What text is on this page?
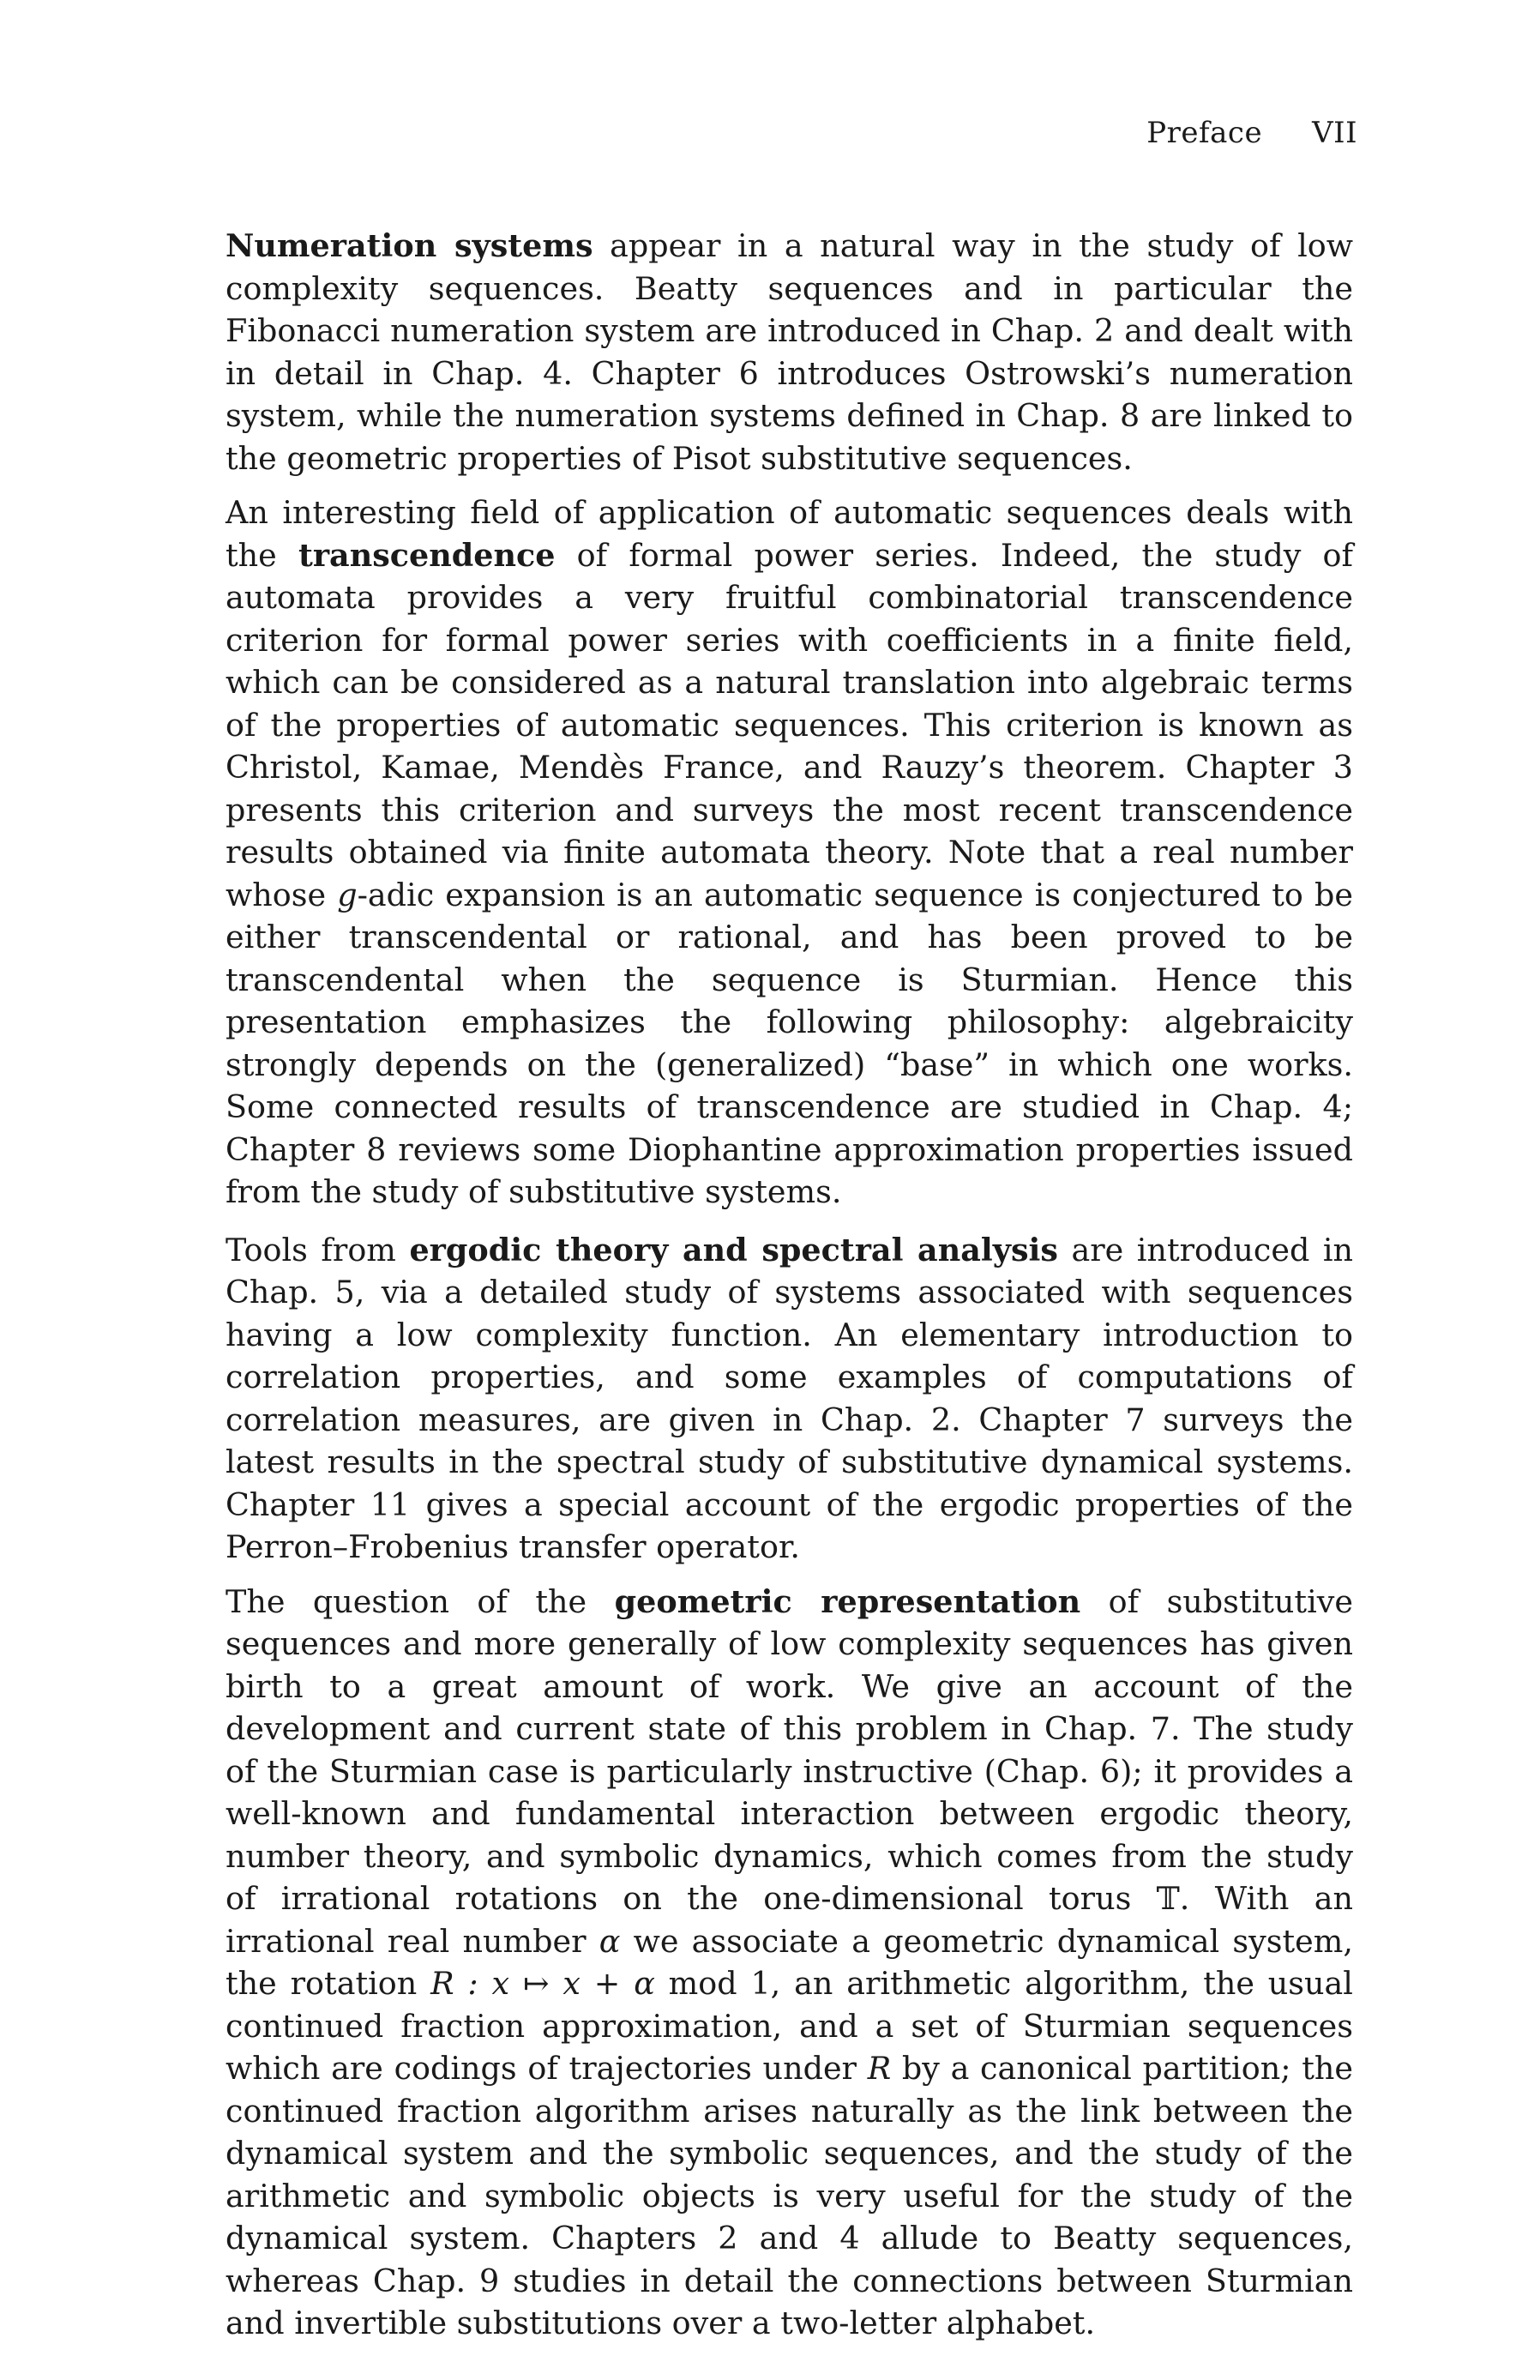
Preface VII

Numeration systems appear in a natural way in the study of low complexity sequences. Beatty sequences and in particular the Fibonacci numeration system are introduced in Chap. 2 and dealt with in detail in Chap. 4. Chapter 6 introduces Ostrowski’s numeration system, while the numeration systems defined in Chap. 8 are linked to the geometric properties of Pisot substitutive sequences.

An interesting field of application of automatic sequences deals with the transcendence of formal power series. Indeed, the study of automata provides a very fruitful combinatorial transcendence criterion for formal power series with coefficients in a finite field, which can be considered as a natural translation into algebraic terms of the properties of automatic sequences. This criterion is known as Christol, Kamae, Mendès France, and Rauzy’s theorem. Chapter 3 presents this criterion and surveys the most recent transcendence results obtained via finite automata theory. Note that a real number whose g-adic expansion is an automatic sequence is conjectured to be either transcendental or rational, and has been proved to be transcendental when the sequence is Sturmian. Hence this presentation emphasizes the following philosophy: algebraicity strongly depends on the (generalized) “base” in which one works. Some connected results of transcendence are studied in Chap. 4; Chapter 8 reviews some Diophantine approximation properties issued from the study of substitutive systems.

Tools from ergodic theory and spectral analysis are introduced in Chap. 5, via a detailed study of systems associated with sequences having a low complexity function. An elementary introduction to correlation properties, and some examples of computations of correlation measures, are given in Chap. 2. Chapter 7 surveys the latest results in the spectral study of substitutive dynamical systems. Chapter 11 gives a special account of the ergodic properties of the Perron–Frobenius transfer operator.

The question of the geometric representation of substitutive sequences and more generally of low complexity sequences has given birth to a great amount of work. We give an account of the development and current state of this problem in Chap. 7. The study of the Sturmian case is particularly instructive (Chap. 6); it provides a well-known and fundamental interaction between ergodic theory, number theory, and symbolic dynamics, which comes from the study of irrational rotations on the one-dimensional torus 𝕋. With an irrational real number α we associate a geometric dynamical system, the rotation R : x ↦ x + α mod 1, an arithmetic algorithm, the usual continued fraction approximation, and a set of Sturmian sequences which are codings of trajectories under R by a canonical partition; the continued fraction algorithm arises naturally as the link between the dynamical system and the symbolic sequences, and the study of the arithmetic and symbolic objects is very useful for the study of the dynamical system. Chapters 2 and 4 allude to Beatty sequences, whereas Chap. 9 studies in detail the connections between Sturmian and invertible substitutions over a two-letter alphabet.
